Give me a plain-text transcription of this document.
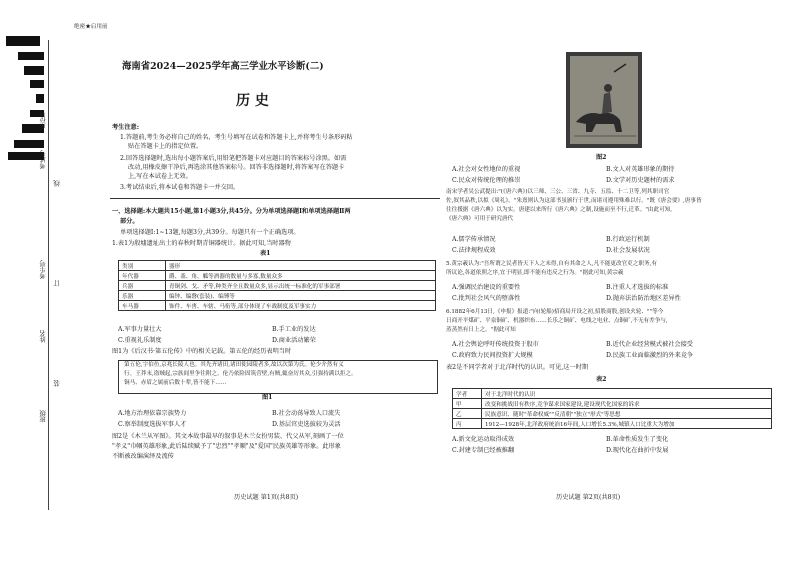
座位号
考场号
考生号
姓名
班级
线
订
装
绝密★启用前
海南省2024—2025学年高三学业水平诊断(二)
历 史
考生注意:
1.答题前,考生务必将自己的姓名、考生号填写在试卷和答题卡上,并将考生号条形码粘
贴在答题卡上的指定位置。
2.回答选择题时,选出每小题答案后,用铅笔把答题卡对应题目的答案标号涂黑。如需
改动,用橡皮擦干净后,再选涂其他答案标号。回答非选择题时,将答案写在答题卡
上,写在本试卷上无效。
3.考试结束后,将本试卷和答题卡一并交回。
一、选择题:本大题共15小题,第1小题3分,共45分。分为单项选择题Ⅰ和单项选择题Ⅱ两
部分。
单项选择题Ⅰ:1~13题,每题3分,共39分。每题只有一个正确选项。
1.表1为殷墟遗址出土的春秋时期青铜器统计。据此可知,当时器物
表1
类别	器形
年代器	爵、盉、角、觚等酒器的数量与多寡,数量众多
兵器	青铜剑、戈、矛等,种类齐全且数量众多,显示出统一标准化的军事部署
乐器	编钟、编磬(套装)、编镈等
车马器	饰件、车軎、车辖、马衔等,部分体现了车战制度及军事实力
A.军事力量壮大	B.手工业的发达
C.重视礼乐制度	D.商业活动繁荣
图1为《后汉书·第五伦传》中的相关记载。第五伦的经历表明当时
第五伦,字伯鱼,京兆长陵人也。其先齐诸田,诸田徙园陵者多,故以次第为氏。伦少介然有义
行。王莽末,盗贼起,宗族闾里争往附之。伦乃依险固筑营壁,有贼,辄奋厉其众,引强持满以拒之。
铜马、赤眉之属前后数十辈,皆不能下……
图1
A.地方治理依靠宗族势力	B.社会动荡导致人口流失
C.察举制度选拔军事人才	D.基层官吏选拔较为灵活
图2是《木兰从军图》。其文本故事最早的叙事是木兰女扮男装、代父从军,刻画了一位
"孝义"巾帼英雄形象,此后陆续赋予了"忠烈""孝顺"及"爱国"民族英雄等形象。此形象
不断被改编演绎及流传
历史试题 第1页(共8页)
图2
A.社会对女性地位的重视	B.文人对英雄形象的期待
C.民众对传统伦理的推崇	D.文学对历史题材的需求
南宋学者吴公武提出:"(《唐六典》)以三师、三公、三省、九寺、五监、十二卫等,列其职司官
佐,叙其品秩,以拟《周礼》。"朱熹则认为这部书虽颁行于世,而诸司遵用殊难以行。"既《唐会要》,唐事皆
往往援据《唐六典》以为实。唐建以来所行《唐六典》之制,设施而至不行,迁革。"由此可知,
《唐六典》可用于研究唐代
A.儒学传承情况	B.行政运行机制
C.法律规程成效	D.社会发展状况
5.黄宗羲认为:"吾所谓之民者皆天下人之未得,自有其命之人,凡不能更改官吏之职务,有
所议论,各道依照之序,宜于明显,即不能有违反之行为。"据此可知,黄宗羲
A.强调民治建设的重要性	B.注重人才选拔的标准
C.批判社会风气的堕落性	D.抛弃法治防治地区差异性
6.1882年6月13日,《申报》报道:"向(轮船)招商局开设之初,招股商股,创设火轮、""等今
日商开平煤矿、平泉铜矿、机器织布……长乐之铜矿、电线之电业、点铜矿,不无有差争与,
蒸蒸然有日上之。"据此可知
A.社会舆论呼吁传统投资于股市	B.近代企业经营模式被社会接受
C.政府致力民间投资扩大规模	D.民族工业面临激烈的外来竞争
表2是不同学者对于北洋时代的认识。可见,这一时期
表2
学者	对于北洋时代的认识
甲	改变和挑战旧有秩序,竞争谋求国家建设,建设现代化国家的诉求
乙	民族意识、随时"革命权威""反清朝""独立"形式"等思想
丙	1912—1928年,北洋政府统治16年间,人口增长5.3%,城镇人口比重大为增加
A.新文化运动取得成效	B.革命性质发生了变化
C.封建专制已经被推翻	D.现代化在曲折中发展
历史试题 第2页(共8页)
